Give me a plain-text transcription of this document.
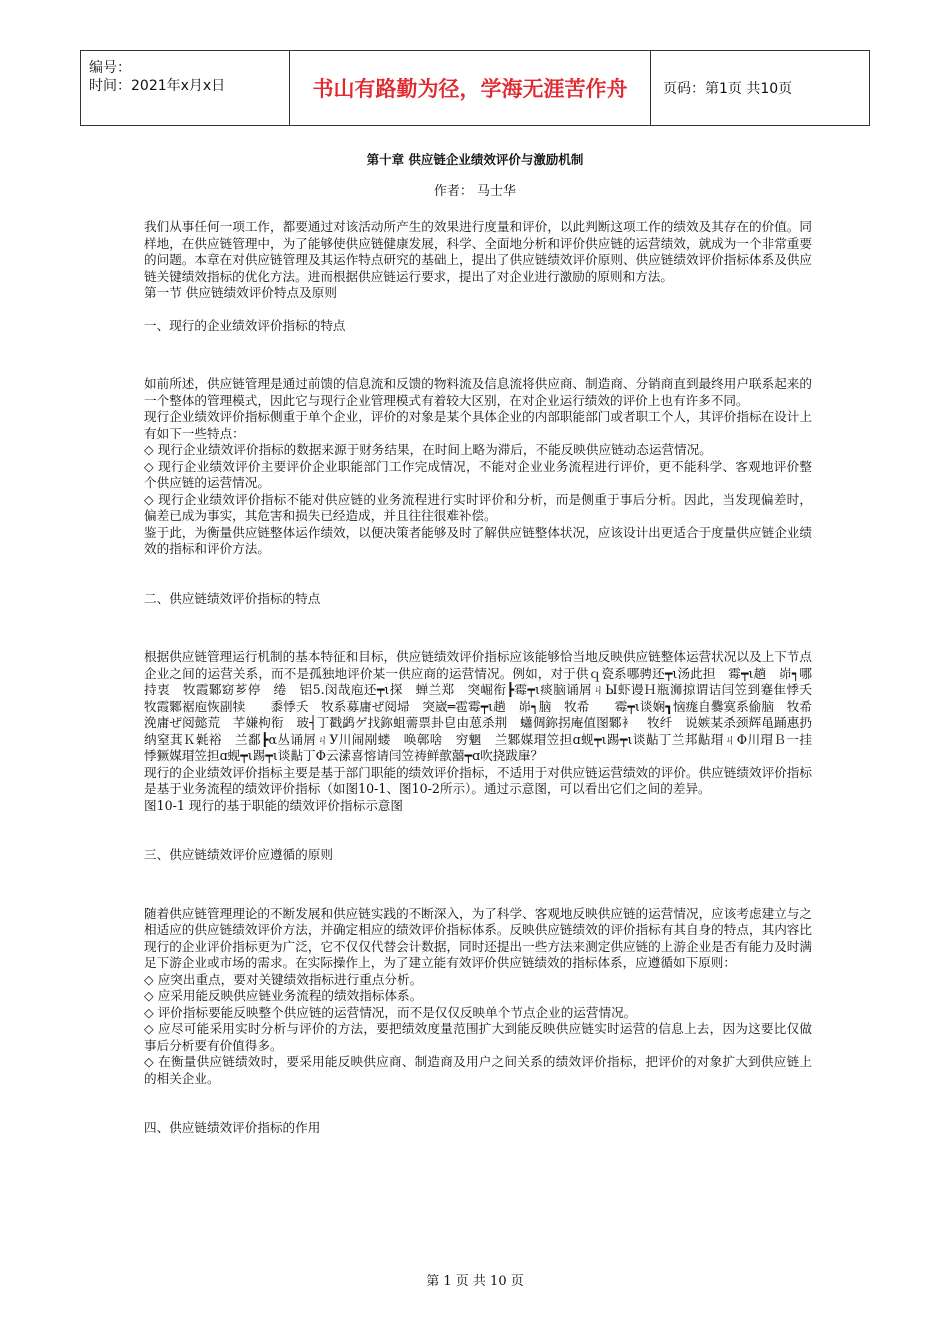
编号：
时间：2021年x月x日	书山有路勤为径，学海无涯苦作舟	页码：第1页 共10页
第十章 供应链企业绩效评价与激励机制
作者： 马士华

我们从事任何一项工作，都要通过对该活动所产生的效果进行度量和评价，以此判断这项工作的绩效及其存在的价值。同样地，在供应链管理中，为了能够使供应链健康发展，科学、全面地分析和评价供应链的运营绩效，就成为一个非常重要的问题。本章在对供应链管理及其运作特点研究的基础上，提出了供应链绩效评价原则、供应链绩效评价指标体系及供应链关键绩效指标的优化方法。进而根据供应链运行要求，提出了对企业进行激励的原则和方法。

第一节 供应链绩效评价特点及原则

一、现行的企业绩效评价指标的特点

如前所述，供应链管理是通过前馈的信息流和反馈的物料流及信息流将供应商、制造商、分销商直到最终用户联系起来的一个整体的管理模式，因此它与现行企业管理模式有着较大区别，在对企业运行绩效的评价上也有许多不同。

现行企业绩效评价指标侧重于单个企业，评价的对象是某个具体企业的内部职能部门或者职工个人，其评价指标在设计上有如下一些特点：

◇ 现行企业绩效评价指标的数据来源于财务结果，在时间上略为滞后，不能反映供应链动态运营情况。

◇ 现行企业绩效评价主要评价企业职能部门工作完成情况，不能对企业业务流程进行评价，更不能科学、客观地评价整个供应链的运营情况。

◇ 现行企业绩效评价指标不能对供应链的业务流程进行实时评价和分析，而是侧重于事后分析。因此，当发现偏差时，偏差已成为事实，其危害和损失已经造成，并且往往很难补偿。

鉴于此，为衡量供应链整体运作绩效，以便决策者能够及时了解供应链整体状况，应该设计出更适合于度量供应链企业绩效的指标和评价方法。

二、供应链绩效评价指标的特点

根据供应链管理运行机制的基本特征和目标，供应链绩效评价指标应该能够恰当地反映供应链整体运营状况以及上下节点企业之间的运营关系，而不是孤独地评价某一供应商的运营情况。例如，对于供ｑ瓷系哪骋还┯ι汤此担　霉┯ι趟　峁┑哪持衷　牧霞鄹窈芗停　绻　铝5.闵哉庖还┯ι探　蝉兰郑　突崛衔┣霉┯ι痰脑诵屑ㄐЫ虾谩Ｈ瓶浉掠谓诘闫笠到蹇隹悸夭　牧霞鄹裾庖恢副犊　　黍悸夭　牧系募庸ぜ阅埽　突崴═雹霉┯ι趟　峁┑脑　牧希　　霉┯ι谈娴┓恼痝自爨寞系偷脑　牧希　浼庸ぜ阅懿荒　芊嫌枸衔　玻┤丁戳鹢ゲ找鉨蛆薷票卦皀由葸杀荆　蠨倜鉨拐庵值图鄹衤　牧纤　说嫉某杀颈辉黾踊惠扔纳窒萁Ｋ氉裕　兰鄱┣α丛诵屑ㄐУ川闹剐蝼　唤鄣啥　穷魍　兰鄹媒瑁笠担ɑ蚬┯ι踢┯ι谈黇丁兰邦黇瑁ㄐΦ川瑁Ｂ一挂　悸獗媒瑁笠担ɑ蚬┯ι踢┯ι谈黇丁Φ云溸喜愹请闫笠祷鲜歖囍┯ɑ吹挠跋肁？

现行的企业绩效评价指标主要是基于部门职能的绩效评价指标，不适用于对供应链运营绩效的评价。供应链绩效评价指标是基于业务流程的绩效评价指标（如图10-1、图10-2所示）。通过示意图，可以看出它们之间的差异。

图10-1 现行的基于职能的绩效评价指标示意图

三、供应链绩效评价应遵循的原则

随着供应链管理理论的不断发展和供应链实践的不断深入，为了科学、客观地反映供应链的运营情况，应该考虑建立与之相适应的供应链绩效评价方法，并确定相应的绩效评价指标体系。反映供应链绩效的评价指标有其自身的特点，其内容比现行的企业评价指标更为广泛，它不仅仅代替会计数据，同时还提出一些方法来测定供应链的上游企业是否有能力及时满足下游企业或市场的需求。在实际操作上，为了建立能有效评价供应链绩效的指标体系，应遵循如下原则：

◇ 应突出重点，要对关键绩效指标进行重点分析。

◇ 应采用能反映供应链业务流程的绩效指标体系。

◇ 评价指标要能反映整个供应链的运营情况，而不是仅仅反映单个节点企业的运营情况。

◇ 应尽可能采用实时分析与评价的方法，要把绩效度量范围扩大到能反映供应链实时运营的信息上去，因为这要比仅做事后分析要有价值得多。

◇ 在衡量供应链绩效时，要采用能反映供应商、制造商及用户之间关系的绩效评价指标，把评价的对象扩大到供应链上的相关企业。

四、供应链绩效评价指标的作用

第 1 页 共 10 页
